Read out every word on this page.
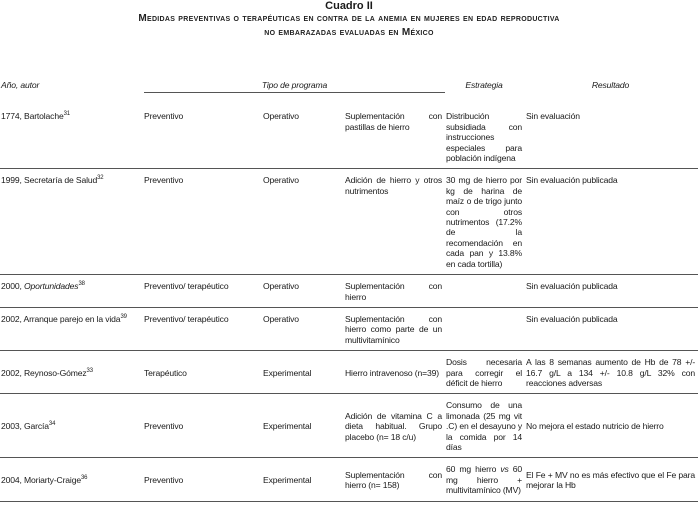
Cuadro II
Medidas preventivas o terapéuticas en contra de la anemia en mujeres en edad reproductiva
no embarazadas evaluadas en México
Año, autor	Tipo de programa			Estrategia	Resultado
1774, Bartolache$^{31}$	Preventivo	Operativo	Suplementación con pastillas de hierro	Distribución subsidiada con instrucciones especiales para población indígena	Sin evaluación
1999, Secretaría de Salud$^{32}$	Preventivo	Operativo	Adición de hierro y otros nutrimentos	30 mg de hierro por kg de harina de maíz o de trigo junto con otros nutrimentos (17.2% de la recomendación en cada pan y 13.8% en cada tortilla)	Sin evaluación publicada
2000, Oportunidades$^{38}$	Preventivo/ terapéutico	Operativo	Suplementación con hierro		Sin evaluación publicada
2002, Arranque parejo en la vida$^{39}$	Preventivo/ terapéutico	Operativo	Suplementación con hierro como parte de un multivitamínico		Sin evaluación publicada
2002, Reynoso-Gómez$^{33}$	Terapéutico	Experimental	Hierro intravenoso (n=39)	Dosis necesaria para corregir el déficit de hierro	A las 8 semanas aumento de Hb de 78 +/- 16.7 g/L a 134 +/- 10.8 g/L 32% con reacciones adversas
2003, García$^{34}$	Preventivo	Experimental	Adición de vitamina C a dieta habitual. Grupo placebo (n= 18 c/u)	Consumo de una limonada (25 mg vit .C) en el desayuno y la comida por 14 días	No mejora el estado nutricio de hierro
2004, Moriarty-Craige$^{36}$	Preventivo	Experimental	Suplementación con hierro (n= 158)	60 mg hierro vs 60 mg hierro + multivitamínico (MV)	El Fe + MV no es más efectivo que el Fe para mejorar la Hb
